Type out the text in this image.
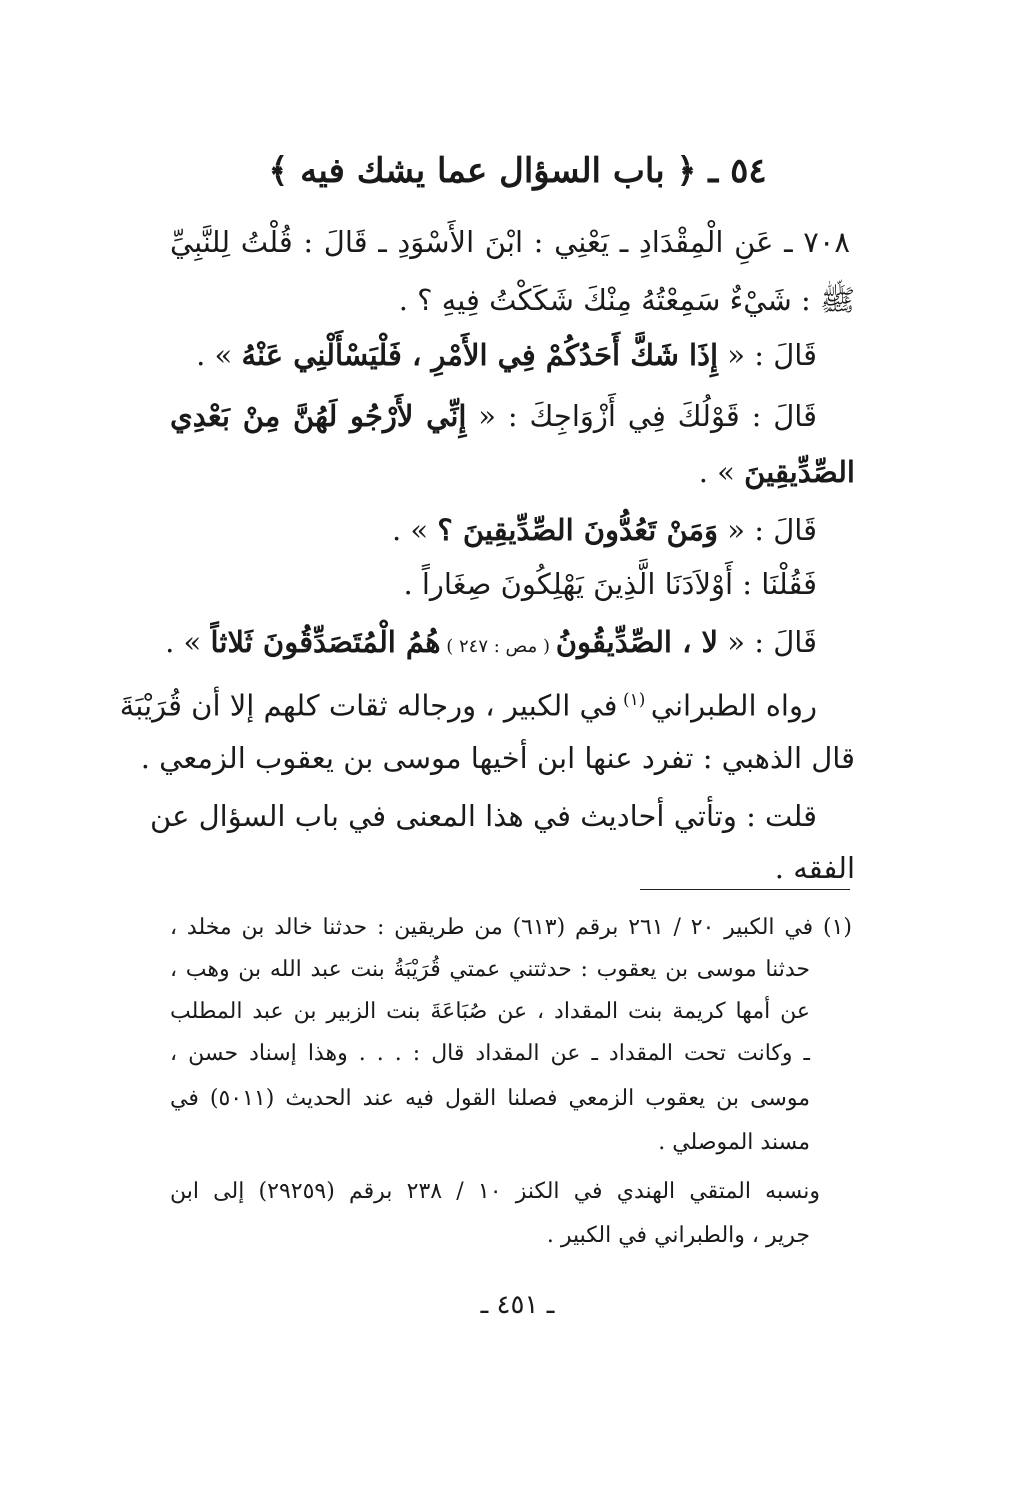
٥٤ ـ ﴿ باب السؤال عما يشك فيه ﴾
٧٠٨ ـ عَنِ الْمِقْدَادِ ـ يَعْنِي : ابْنَ الأَسْوَدِ ـ قَالَ : قُلْتُ لِلنَّبِيِّ
ﷺ : شَيْءٌ سَمِعْتُهُ مِنْكَ شَكَكْتُ فِيهِ ؟ .
قَالَ : « إِذَا شَكَّ أَحَدُكُمْ فِي الأَمْرِ ، فَلْيَسْأَلْنِي عَنْهُ » .
قَالَ : قَوْلُكَ فِي أَزْوَاجِكَ : « إِنِّي لأَرْجُو لَهُنَّ مِنْ بَعْدِي
الصِّدِّيقِينَ » .
قَالَ : « وَمَنْ تَعُدُّونَ الصِّدِّيقِينَ ؟ » .
فَقُلْنَا : أَوْلاَدَنَا الَّذِينَ يَهْلِكُونَ صِغَاراً .
قَالَ : « لا ، الصِّدِّيقُونُ ( مص : ٢٤٧ ) هُمُ الْمُتَصَدِّقُونَ ثَلاثاً » .
رواه الطبراني $^{(١)}$ في الكبير ، ورجاله ثقات كلهم إلا أن قُرَيْبَةَ
قال الذهبي : تفرد عنها ابن أخيها موسى بن يعقوب الزمعي .
قلت : وتأتي أحاديث في هذا المعنى في باب السؤال عن
الفقه .
(١) في الكبير ٢٠ / ٢٦١ برقم (٦١٣) من طريقين : حدثنا خالد بن مخلد ،
حدثنا موسى بن يعقوب : حدثتني عمتي قُرَيْبَةُ بنت عبد الله بن وهب ،
عن أمها كريمة بنت المقداد ، عن صُبَاعَةَ بنت الزبير بن عبد المطلب
ـ وكانت تحت المقداد ـ عن المقداد قال : . . . وهذا إسناد حسن ،
موسى بن يعقوب الزمعي فصلنا القول فيه عند الحديث (٥٠١١) في
مسند الموصلي .
ونسبه المتقي الهندي في الكنز ١٠ / ٢٣٨ برقم (٢٩٢٥٩) إلى ابن
جرير ، والطبراني في الكبير .
ـ ٤٥١ ـ
